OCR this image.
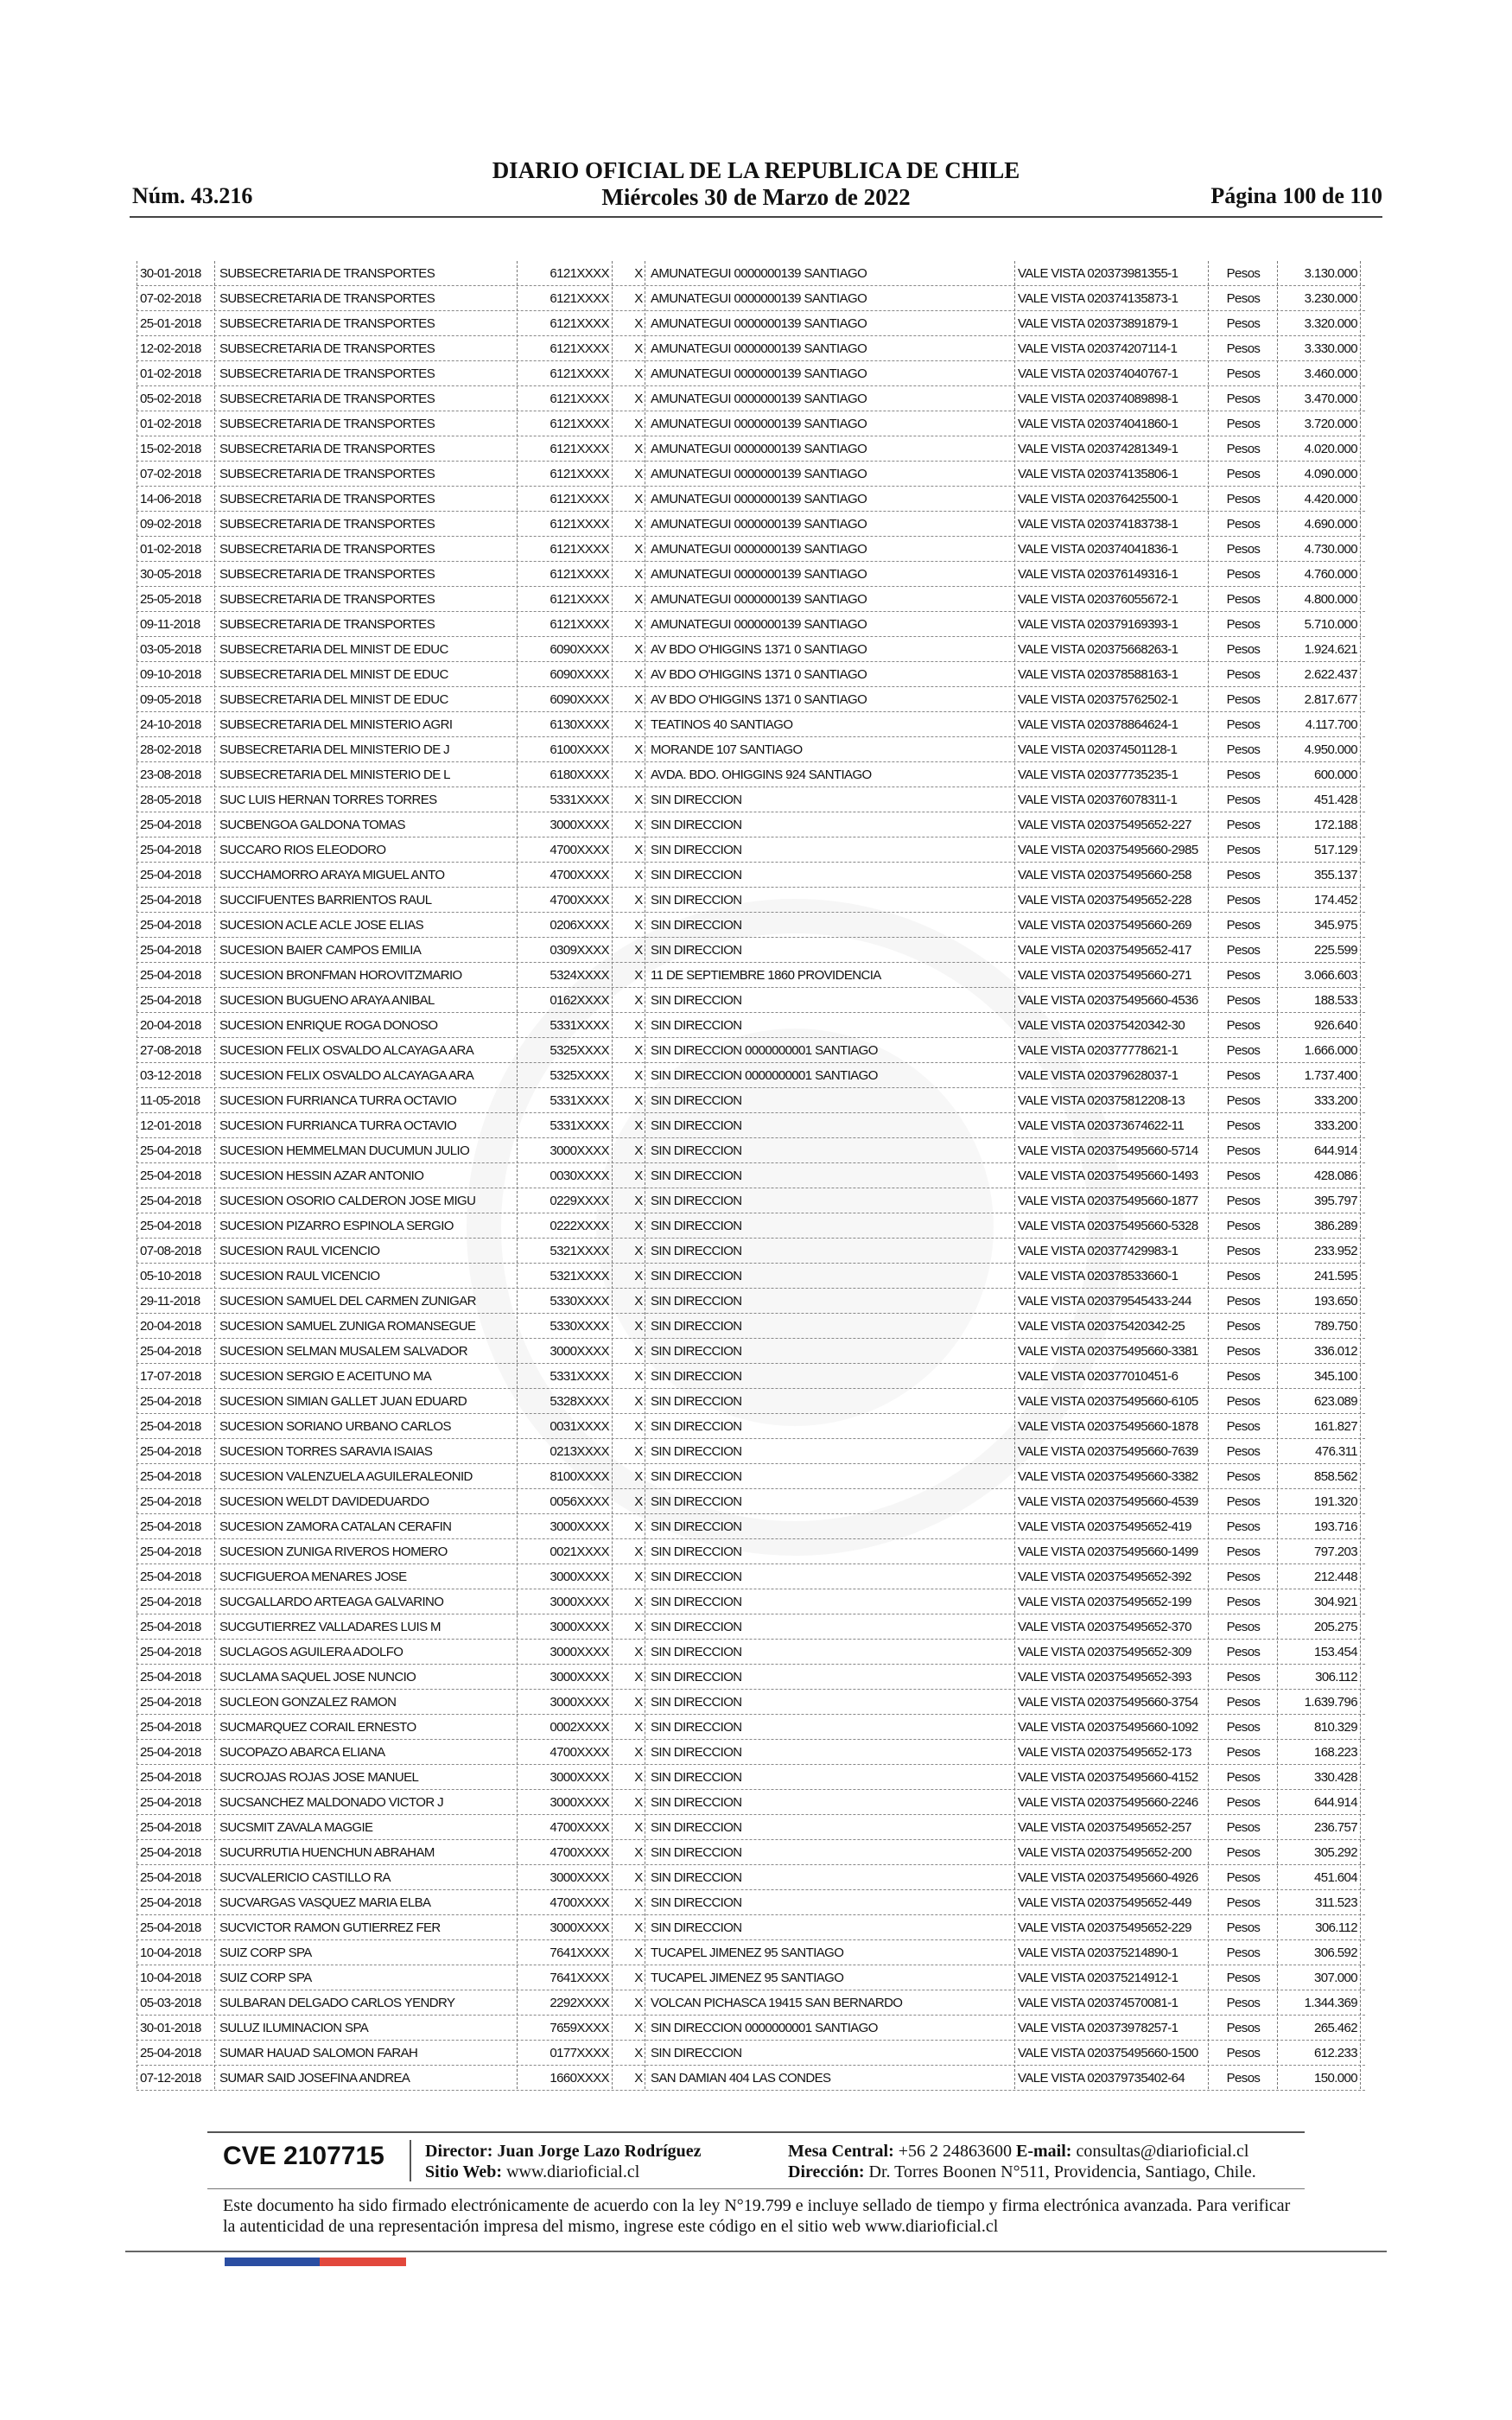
Núm. 43.216
DIARIO OFICIAL DE LA REPUBLICA DE CHILE
Miércoles 30 de Marzo de 2022	Página 100 de 110
30-01-2018	SUBSECRETARIA DE TRANSPORTES	6121XXXX	X AMUNATEGUI 0000000139 SANTIAGO	VALE VISTA 020373981355-1	Pesos	3.130.000
07-02-2018	SUBSECRETARIA DE TRANSPORTES	6121XXXX	X AMUNATEGUI 0000000139 SANTIAGO	VALE VISTA 020374135873-1	Pesos	3.230.000
25-01-2018	SUBSECRETARIA DE TRANSPORTES	6121XXXX	X AMUNATEGUI 0000000139 SANTIAGO	VALE VISTA 020373891879-1	Pesos	3.320.000
12-02-2018	SUBSECRETARIA DE TRANSPORTES	6121XXXX	X AMUNATEGUI 0000000139 SANTIAGO	VALE VISTA 020374207114-1	Pesos	3.330.000
01-02-2018	SUBSECRETARIA DE TRANSPORTES	6121XXXX	X AMUNATEGUI 0000000139 SANTIAGO	VALE VISTA 020374040767-1	Pesos	3.460.000
05-02-2018	SUBSECRETARIA DE TRANSPORTES	6121XXXX	X AMUNATEGUI 0000000139 SANTIAGO	VALE VISTA 020374089898-1	Pesos	3.470.000
01-02-2018	SUBSECRETARIA DE TRANSPORTES	6121XXXX	X AMUNATEGUI 0000000139 SANTIAGO	VALE VISTA 020374041860-1	Pesos	3.720.000
15-02-2018	SUBSECRETARIA DE TRANSPORTES	6121XXXX	X AMUNATEGUI 0000000139 SANTIAGO	VALE VISTA 020374281349-1	Pesos	4.020.000
07-02-2018	SUBSECRETARIA DE TRANSPORTES	6121XXXX	X AMUNATEGUI 0000000139 SANTIAGO	VALE VISTA 020374135806-1	Pesos	4.090.000
14-06-2018	SUBSECRETARIA DE TRANSPORTES	6121XXXX	X AMUNATEGUI 0000000139 SANTIAGO	VALE VISTA 020376425500-1	Pesos	4.420.000
09-02-2018	SUBSECRETARIA DE TRANSPORTES	6121XXXX	X AMUNATEGUI 0000000139 SANTIAGO	VALE VISTA 020374183738-1	Pesos	4.690.000
01-02-2018	SUBSECRETARIA DE TRANSPORTES	6121XXXX	X AMUNATEGUI 0000000139 SANTIAGO	VALE VISTA 020374041836-1	Pesos	4.730.000
30-05-2018	SUBSECRETARIA DE TRANSPORTES	6121XXXX	X AMUNATEGUI 0000000139 SANTIAGO	VALE VISTA 020376149316-1	Pesos	4.760.000
25-05-2018	SUBSECRETARIA DE TRANSPORTES	6121XXXX	X AMUNATEGUI 0000000139 SANTIAGO	VALE VISTA 020376055672-1	Pesos	4.800.000
09-11-2018	SUBSECRETARIA DE TRANSPORTES	6121XXXX	X AMUNATEGUI 0000000139 SANTIAGO	VALE VISTA 020379169393-1	Pesos	5.710.000
03-05-2018	SUBSECRETARIA DEL MINIST DE EDUC	6090XXXX	X AV BDO O'HIGGINS 1371 0 SANTIAGO	VALE VISTA 020375668263-1	Pesos	1.924.621
09-10-2018	SUBSECRETARIA DEL MINIST DE EDUC	6090XXXX	X AV BDO O'HIGGINS 1371 0 SANTIAGO	VALE VISTA 020378588163-1	Pesos	2.622.437
09-05-2018	SUBSECRETARIA DEL MINIST DE EDUC	6090XXXX	X AV BDO O'HIGGINS 1371 0 SANTIAGO	VALE VISTA 020375762502-1	Pesos	2.817.677
24-10-2018	SUBSECRETARIA DEL MINISTERIO AGRI	6130XXXX	X TEATINOS 40 SANTIAGO	VALE VISTA 020378864624-1	Pesos	4.117.700
28-02-2018	SUBSECRETARIA DEL MINISTERIO DE J	6100XXXX	X MORANDE 107 SANTIAGO	VALE VISTA 020374501128-1	Pesos	4.950.000
23-08-2018	SUBSECRETARIA DEL MINISTERIO DE L	6180XXXX	X AVDA. BDO. OHIGGINS 924 SANTIAGO	VALE VISTA 020377735235-1	Pesos	600.000
28-05-2018	SUC LUIS HERNAN TORRES TORRES	5331XXXX	X SIN DIRECCION	VALE VISTA 020376078311-1	Pesos	451.428
25-04-2018	SUCBENGOA GALDONA TOMAS	3000XXXX	X SIN DIRECCION	VALE VISTA 020375495652-227	Pesos	172.188
25-04-2018	SUCCARO RIOS ELEODORO	4700XXXX	X SIN DIRECCION	VALE VISTA 020375495660-2985	Pesos	517.129
25-04-2018	SUCCHAMORRO ARAYA MIGUEL ANTO	4700XXXX	X SIN DIRECCION	VALE VISTA 020375495660-258	Pesos	355.137
25-04-2018	SUCCIFUENTES BARRIENTOS RAUL	4700XXXX	X SIN DIRECCION	VALE VISTA 020375495652-228	Pesos	174.452
25-04-2018	SUCESION ACLE ACLE JOSE ELIAS	0206XXXX	X SIN DIRECCION	VALE VISTA 020375495660-269	Pesos	345.975
25-04-2018	SUCESION BAIER CAMPOS EMILIA	0309XXXX	X SIN DIRECCION	VALE VISTA 020375495652-417	Pesos	225.599
25-04-2018	SUCESION BRONFMAN HOROVITZMARIO	5324XXXX	X 11 DE SEPTIEMBRE 1860 PROVIDENCIA	VALE VISTA 020375495660-271	Pesos	3.066.603
25-04-2018	SUCESION BUGUENO ARAYA ANIBAL	0162XXXX	X SIN DIRECCION	VALE VISTA 020375495660-4536	Pesos	188.533
20-04-2018	SUCESION ENRIQUE ROGA DONOSO	5331XXXX	X SIN DIRECCION	VALE VISTA 020375420342-30	Pesos	926.640
27-08-2018	SUCESION FELIX OSVALDO ALCAYAGA ARA	5325XXXX	X SIN DIRECCION 0000000001 SANTIAGO	VALE VISTA 020377778621-1	Pesos	1.666.000
03-12-2018	SUCESION FELIX OSVALDO ALCAYAGA ARA	5325XXXX	X SIN DIRECCION 0000000001 SANTIAGO	VALE VISTA 020379628037-1	Pesos	1.737.400
11-05-2018	SUCESION FURRIANCA TURRA OCTAVIO	5331XXXX	X SIN DIRECCION	VALE VISTA 020375812208-13	Pesos	333.200
12-01-2018	SUCESION FURRIANCA TURRA OCTAVIO	5331XXXX	X SIN DIRECCION	VALE VISTA 020373674622-11	Pesos	333.200
25-04-2018	SUCESION HEMMELMAN DUCUMUN JULIO	3000XXXX	X SIN DIRECCION	VALE VISTA 020375495660-5714	Pesos	644.914
25-04-2018	SUCESION HESSIN AZAR ANTONIO	0030XXXX	X SIN DIRECCION	VALE VISTA 020375495660-1493	Pesos	428.086
25-04-2018	SUCESION OSORIO CALDERON JOSE MIGU	0229XXXX	X SIN DIRECCION	VALE VISTA 020375495660-1877	Pesos	395.797
25-04-2018	SUCESION PIZARRO ESPINOLA SERGIO	0222XXXX	X SIN DIRECCION	VALE VISTA 020375495660-5328	Pesos	386.289
07-08-2018	SUCESION RAUL VICENCIO	5321XXXX	X SIN DIRECCION	VALE VISTA 020377429983-1	Pesos	233.952
05-10-2018	SUCESION RAUL VICENCIO	5321XXXX	X SIN DIRECCION	VALE VISTA 020378533660-1	Pesos	241.595
29-11-2018	SUCESION SAMUEL DEL CARMEN ZUNIGAR	5330XXXX	X SIN DIRECCION	VALE VISTA 020379545433-244	Pesos	193.650
20-04-2018	SUCESION SAMUEL ZUNIGA ROMANSEGUE	5330XXXX	X SIN DIRECCION	VALE VISTA 020375420342-25	Pesos	789.750
25-04-2018	SUCESION SELMAN MUSALEM SALVADOR	3000XXXX	X SIN DIRECCION	VALE VISTA 020375495660-3381	Pesos	336.012
17-07-2018	SUCESION SERGIO E ACEITUNO MA	5331XXXX	X SIN DIRECCION	VALE VISTA 020377010451-6	Pesos	345.100
25-04-2018	SUCESION SIMIAN GALLET JUAN EDUARD	5328XXXX	X SIN DIRECCION	VALE VISTA 020375495660-6105	Pesos	623.089
25-04-2018	SUCESION SORIANO URBANO CARLOS	0031XXXX	X SIN DIRECCION	VALE VISTA 020375495660-1878	Pesos	161.827
25-04-2018	SUCESION TORRES SARAVIA ISAIAS	0213XXXX	X SIN DIRECCION	VALE VISTA 020375495660-7639	Pesos	476.311
25-04-2018	SUCESION VALENZUELA AGUILERALEONID	8100XXXX	X SIN DIRECCION	VALE VISTA 020375495660-3382	Pesos	858.562
25-04-2018	SUCESION WELDT DAVIDEDUARDO	0056XXXX	X SIN DIRECCION	VALE VISTA 020375495660-4539	Pesos	191.320
25-04-2018	SUCESION ZAMORA CATALAN CERAFIN	3000XXXX	X SIN DIRECCION	VALE VISTA 020375495652-419	Pesos	193.716
25-04-2018	SUCESION ZUNIGA RIVEROS HOMERO	0021XXXX	X SIN DIRECCION	VALE VISTA 020375495660-1499	Pesos	797.203
25-04-2018	SUCFIGUEROA MENARES JOSE	3000XXXX	X SIN DIRECCION	VALE VISTA 020375495652-392	Pesos	212.448
25-04-2018	SUCGALLARDO ARTEAGA GALVARINO	3000XXXX	X SIN DIRECCION	VALE VISTA 020375495652-199	Pesos	304.921
25-04-2018	SUCGUTIERREZ VALLADARES LUIS M	3000XXXX	X SIN DIRECCION	VALE VISTA 020375495652-370	Pesos	205.275
25-04-2018	SUCLAGOS AGUILERA ADOLFO	3000XXXX	X SIN DIRECCION	VALE VISTA 020375495652-309	Pesos	153.454
25-04-2018	SUCLAMA SAQUEL JOSE NUNCIO	3000XXXX	X SIN DIRECCION	VALE VISTA 020375495652-393	Pesos	306.112
25-04-2018	SUCLEON GONZALEZ RAMON	3000XXXX	X SIN DIRECCION	VALE VISTA 020375495660-3754	Pesos	1.639.796
25-04-2018	SUCMARQUEZ CORAIL ERNESTO	0002XXXX	X SIN DIRECCION	VALE VISTA 020375495660-1092	Pesos	810.329
25-04-2018	SUCOPAZO ABARCA ELIANA	4700XXXX	X SIN DIRECCION	VALE VISTA 020375495652-173	Pesos	168.223
25-04-2018	SUCROJAS ROJAS JOSE MANUEL	3000XXXX	X SIN DIRECCION	VALE VISTA 020375495660-4152	Pesos	330.428
25-04-2018	SUCSANCHEZ MALDONADO VICTOR J	3000XXXX	X SIN DIRECCION	VALE VISTA 020375495660-2246	Pesos	644.914
25-04-2018	SUCSMIT ZAVALA MAGGIE	4700XXXX	X SIN DIRECCION	VALE VISTA 020375495652-257	Pesos	236.757
25-04-2018	SUCURRUTIA HUENCHUN ABRAHAM	4700XXXX	X SIN DIRECCION	VALE VISTA 020375495652-200	Pesos	305.292
25-04-2018	SUCVALERICIO CASTILLO RA	3000XXXX	X SIN DIRECCION	VALE VISTA 020375495660-4926	Pesos	451.604
25-04-2018	SUCVARGAS VASQUEZ MARIA ELBA	4700XXXX	X SIN DIRECCION	VALE VISTA 020375495652-449	Pesos	311.523
25-04-2018	SUCVICTOR RAMON GUTIERREZ FER	3000XXXX	X SIN DIRECCION	VALE VISTA 020375495652-229	Pesos	306.112
10-04-2018	SUIZ CORP SPA	7641XXXX	X TUCAPEL JIMENEZ 95 SANTIAGO	VALE VISTA 020375214890-1	Pesos	306.592
10-04-2018	SUIZ CORP SPA	7641XXXX	X TUCAPEL JIMENEZ 95 SANTIAGO	VALE VISTA 020375214912-1	Pesos	307.000
05-03-2018	SULBARAN DELGADO CARLOS YENDRY	2292XXXX	X VOLCAN PICHASCA 19415 SAN BERNARDO	VALE VISTA 020374570081-1	Pesos	1.344.369
30-01-2018	SULUZ ILUMINACION SPA	7659XXXX	X SIN DIRECCION 0000000001 SANTIAGO	VALE VISTA 020373978257-1	Pesos	265.462
25-04-2018	SUMAR HAUAD SALOMON FARAH	0177XXXX	X SIN DIRECCION	VALE VISTA 020375495660-1500	Pesos	612.233
07-12-2018	SUMAR SAID JOSEFINA ANDREA	1660XXXX	X SAN DAMIAN 404 LAS CONDES	VALE VISTA 020379735402-64	Pesos	150.000
CVE 2107715 Director: Juan Jorge Lazo Rodríguez
Sitio Web: www.diarioficial.cl
Mesa Central: +56 2 24863600 E-mail: consultas@diarioficial.cl
Dirección: Dr. Torres Boonen N°511, Providencia, Santiago, Chile.
Este documento ha sido firmado electrónicamente de acuerdo con la ley N°19.799 e incluye sellado de tiempo y firma electrónica avanzada. Para verificar la autenticidad de una representación impresa del mismo, ingrese este código en el sitio web www.diarioficial.cl
